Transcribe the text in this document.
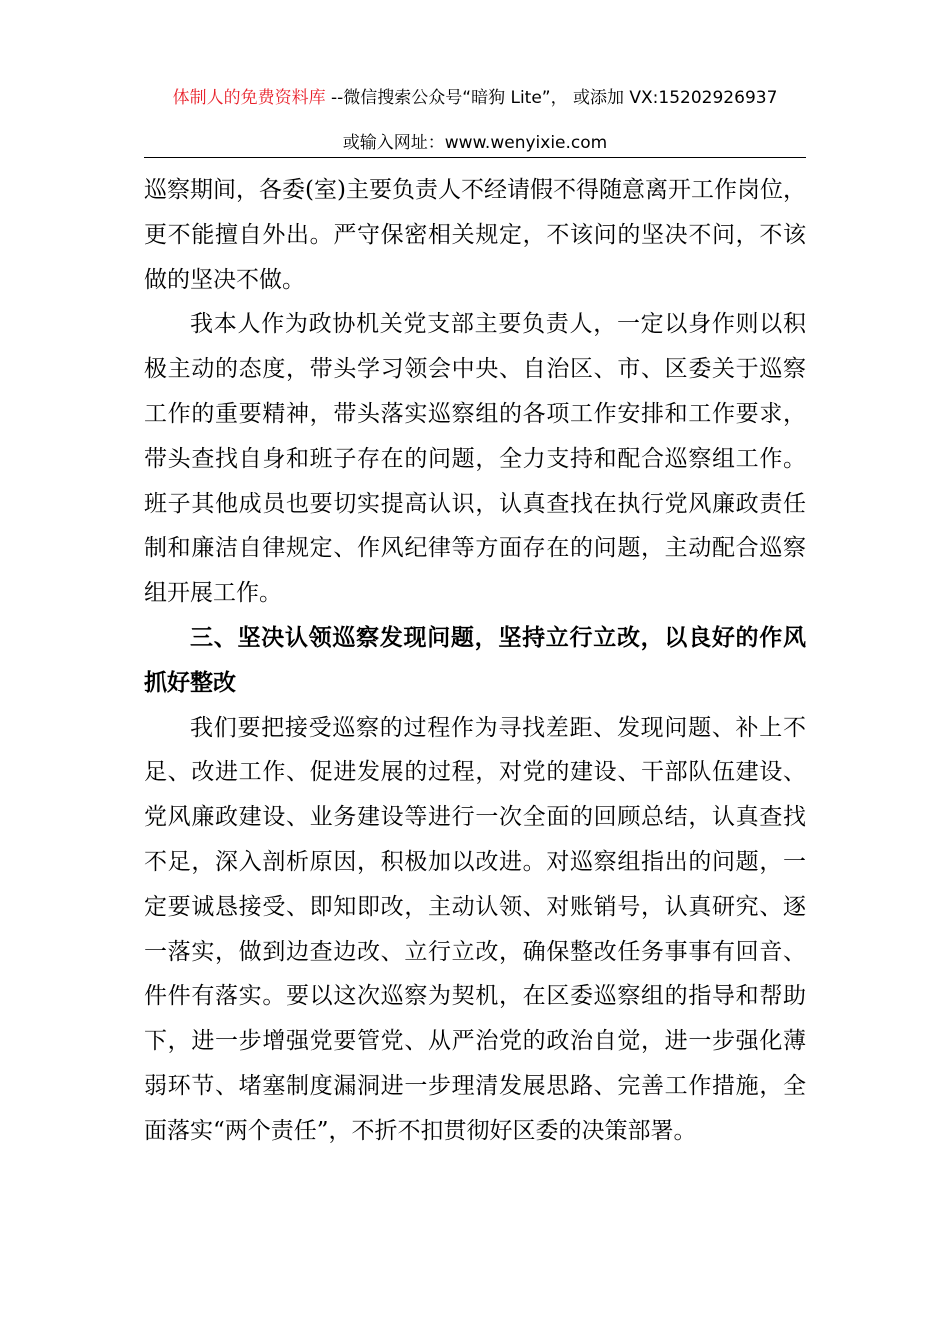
体制人的免费资料库 --微信搜索公众号“暗狗 Lite”， 或添加 VX:15202926937
或输入网址：www.wenyixie.com

巡察期间，各委(室)主要负责人不经请假不得随意离开工作岗位，更不能擅自外出。严守保密相关规定，不该问的坚决不问，不该做的坚决不做。

我本人作为政协机关党支部主要负责人，一定以身作则以积极主动的态度，带头学习领会中央、自治区、市、区委关于巡察工作的重要精神，带头落实巡察组的各项工作安排和工作要求，带头查找自身和班子存在的问题，全力支持和配合巡察组工作。班子其他成员也要切实提高认识，认真查找在执行党风廉政责任制和廉洁自律规定、作风纪律等方面存在的问题，主动配合巡察组开展工作。

三、坚决认领巡察发现问题，坚持立行立改，以良好的作风抓好整改

我们要把接受巡察的过程作为寻找差距、发现问题、补上不足、改进工作、促进发展的过程，对党的建设、干部队伍建设、党风廉政建设、业务建设等进行一次全面的回顾总结，认真查找不足，深入剖析原因，积极加以改进。对巡察组指出的问题，一定要诚恳接受、即知即改，主动认领、对账销号，认真研究、逐一落实，做到边查边改、立行立改，确保整改任务事事有回音、件件有落实。要以这次巡察为契机，在区委巡察组的指导和帮助下，进一步增强党要管党、从严治党的政治自觉，进一步强化薄弱环节、堵塞制度漏洞进一步理清发展思路、完善工作措施，全面落实“两个责任”，不折不扣贯彻好区委的决策部署。
